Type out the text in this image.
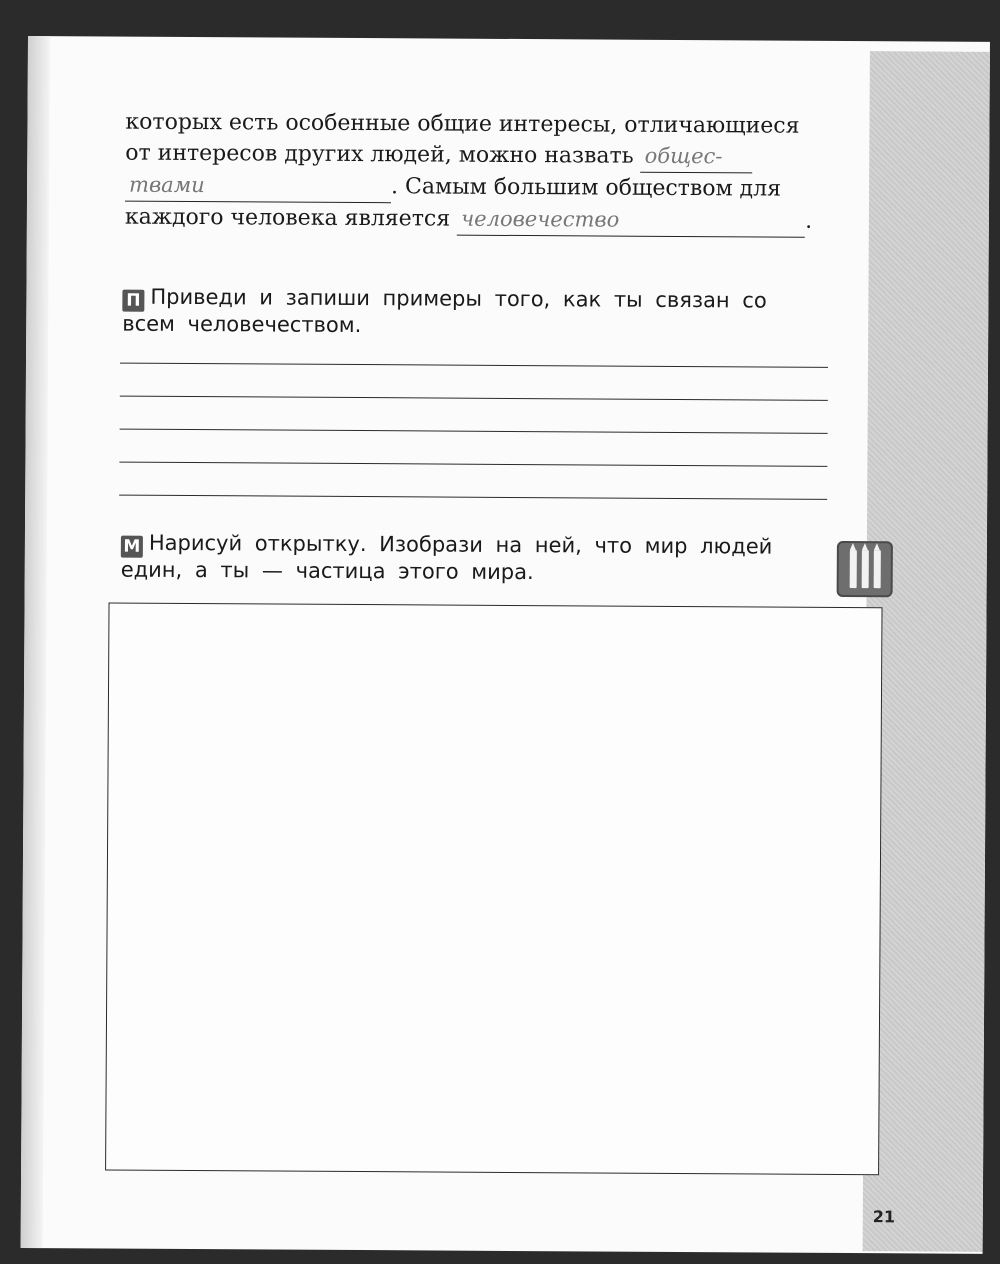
которых есть особенные общие интересы, отличающиеся
от интересов других людей, можно назвать общес-
твами	. Самым большим обществом для
каждого человека является человечество	.
П Приведи и запиши примеры того, как ты связан со
всем человечеством.
М Нарисуй открытку. Изобрази на ней, что мир людей
един, а ты — частица этого мира.
21
